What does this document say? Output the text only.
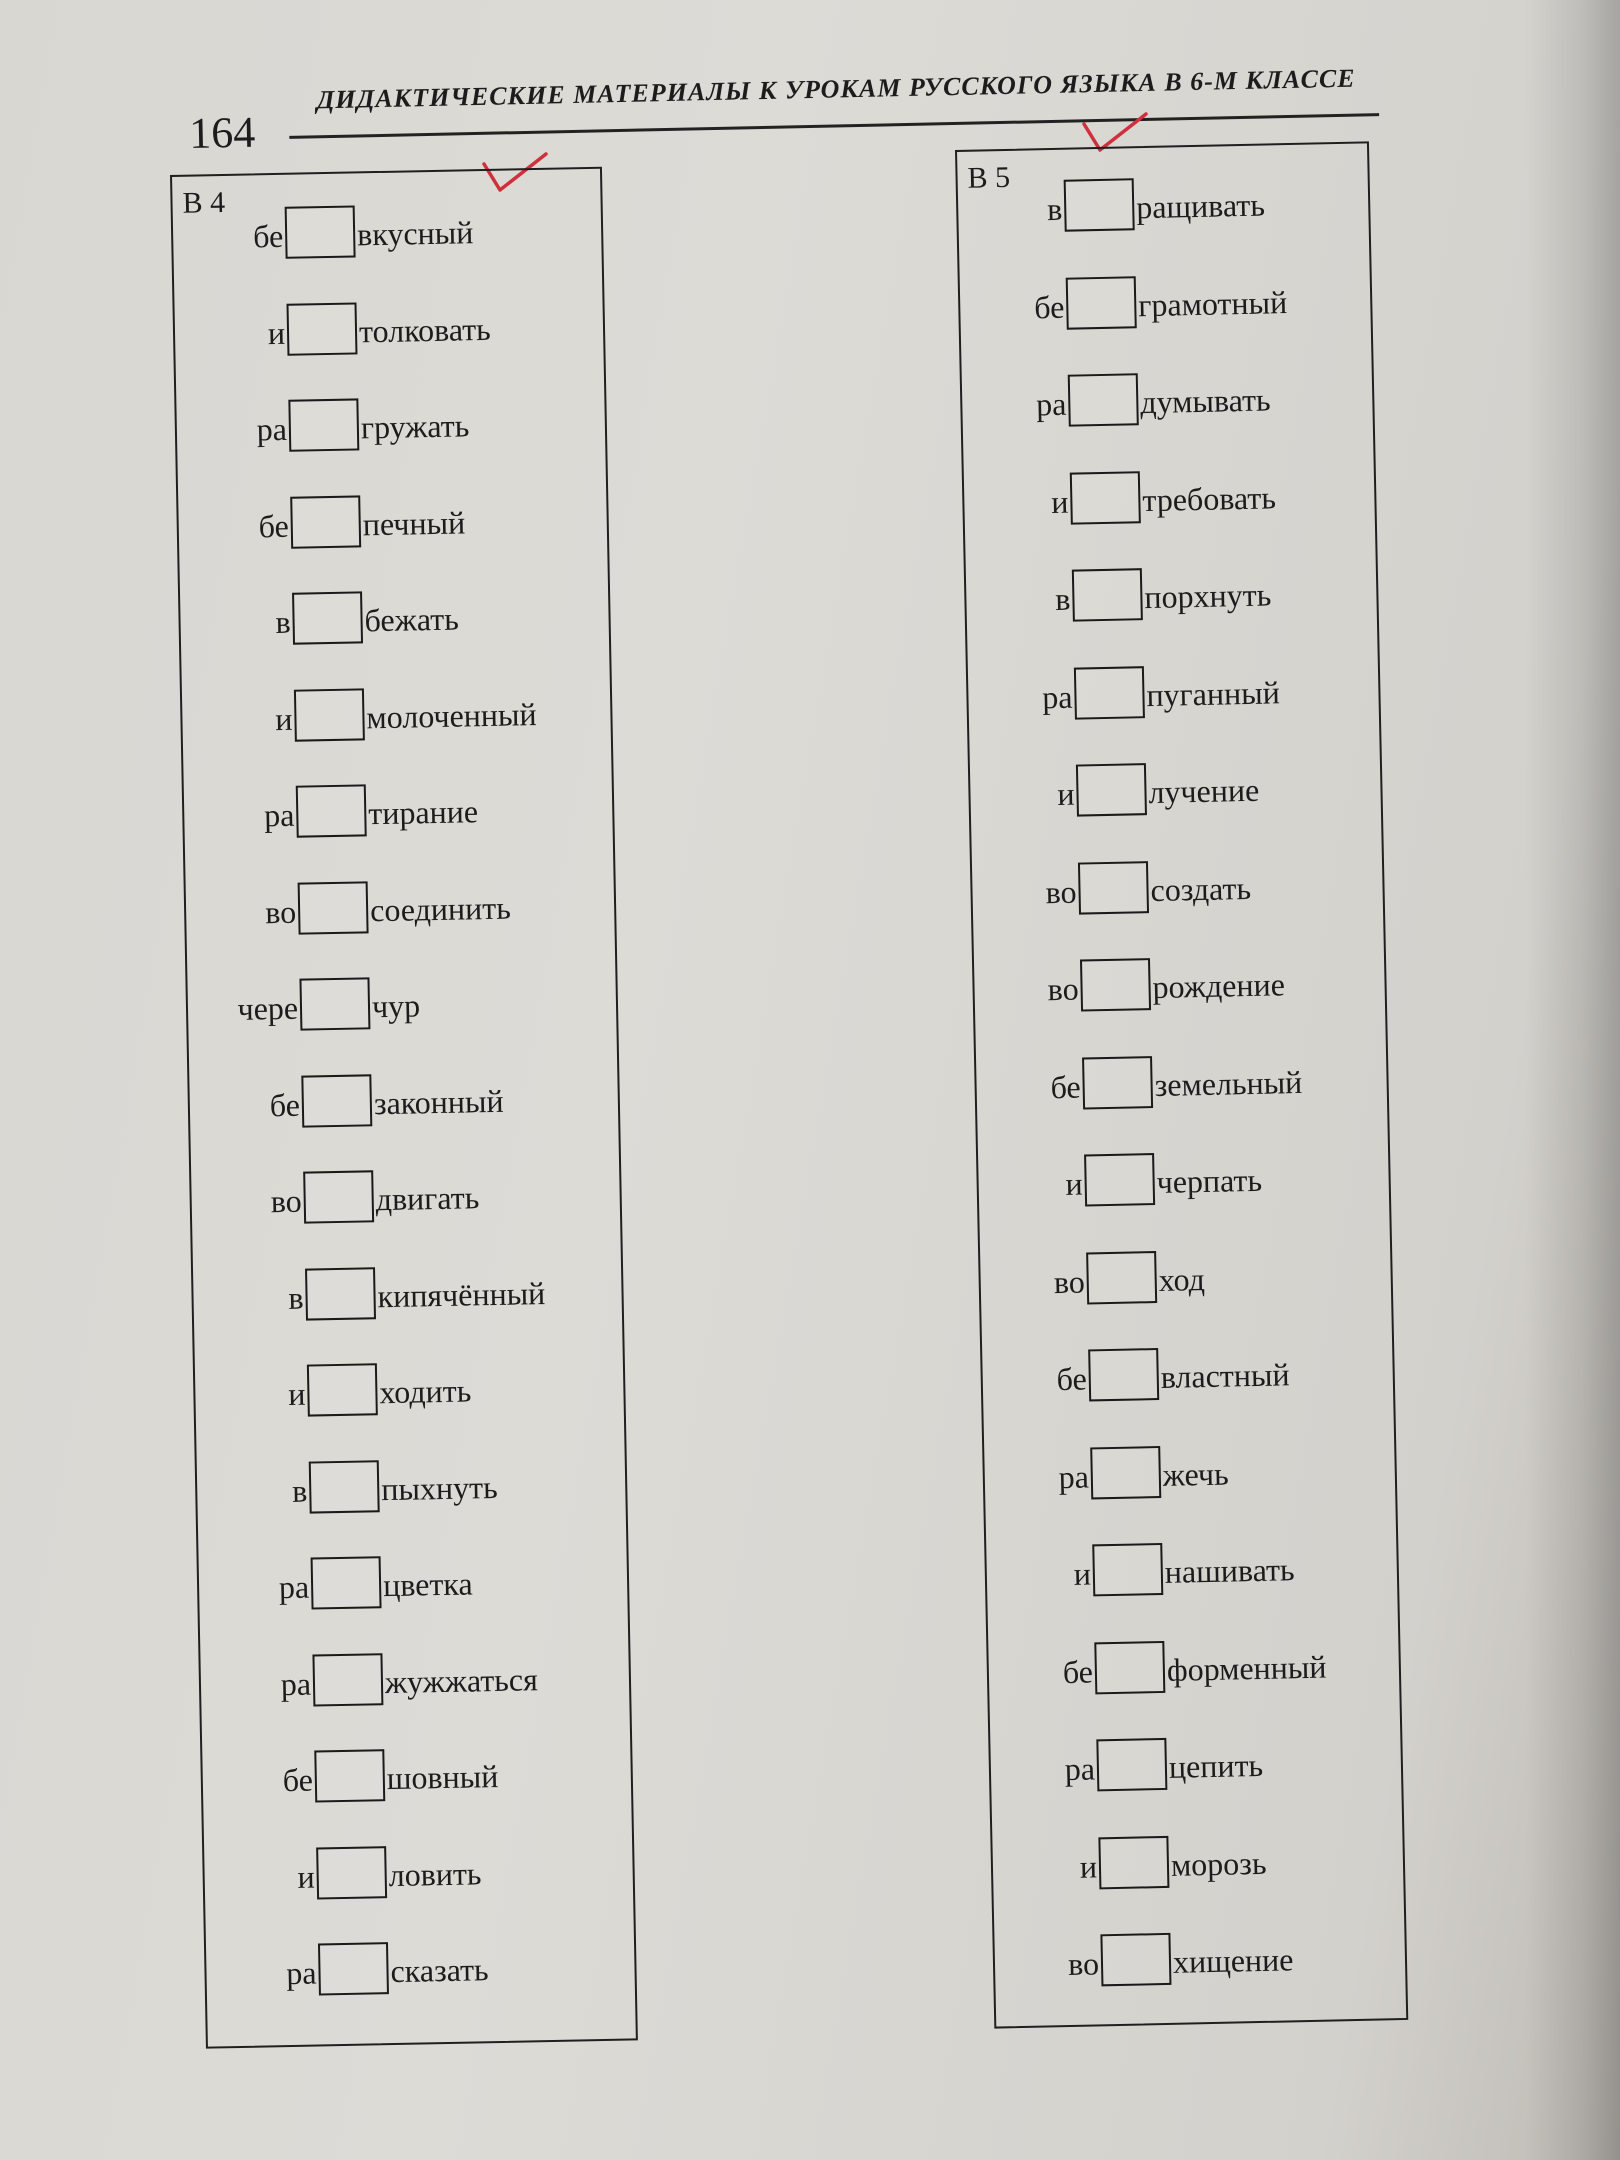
164
ДИДАКТИЧЕСКИЕ МАТЕРИАЛЫ К УРОКАМ РУССКОГО ЯЗЫКА В 6-М КЛАССЕ
В 4
бе вкусный
и толковать
ра гружать
бе печный
в бежать
и молоченный
ра тирание
во соединить
чере чур
бе законный
во двигать
в кипячённый
и ходить
в пыхнуть
ра цветка
ра жужжаться
бе шовный
и ловить
ра сказать
В 5
в ращивать
бе грамотный
ра думывать
и требовать
в порхнуть
ра пуганный
и лучение
во создать
во рождение
бе земельный
и черпать
во ход
бе властный
ра жечь
и нашивать
бе форменный
ра цепить
и морозь
во хищение
